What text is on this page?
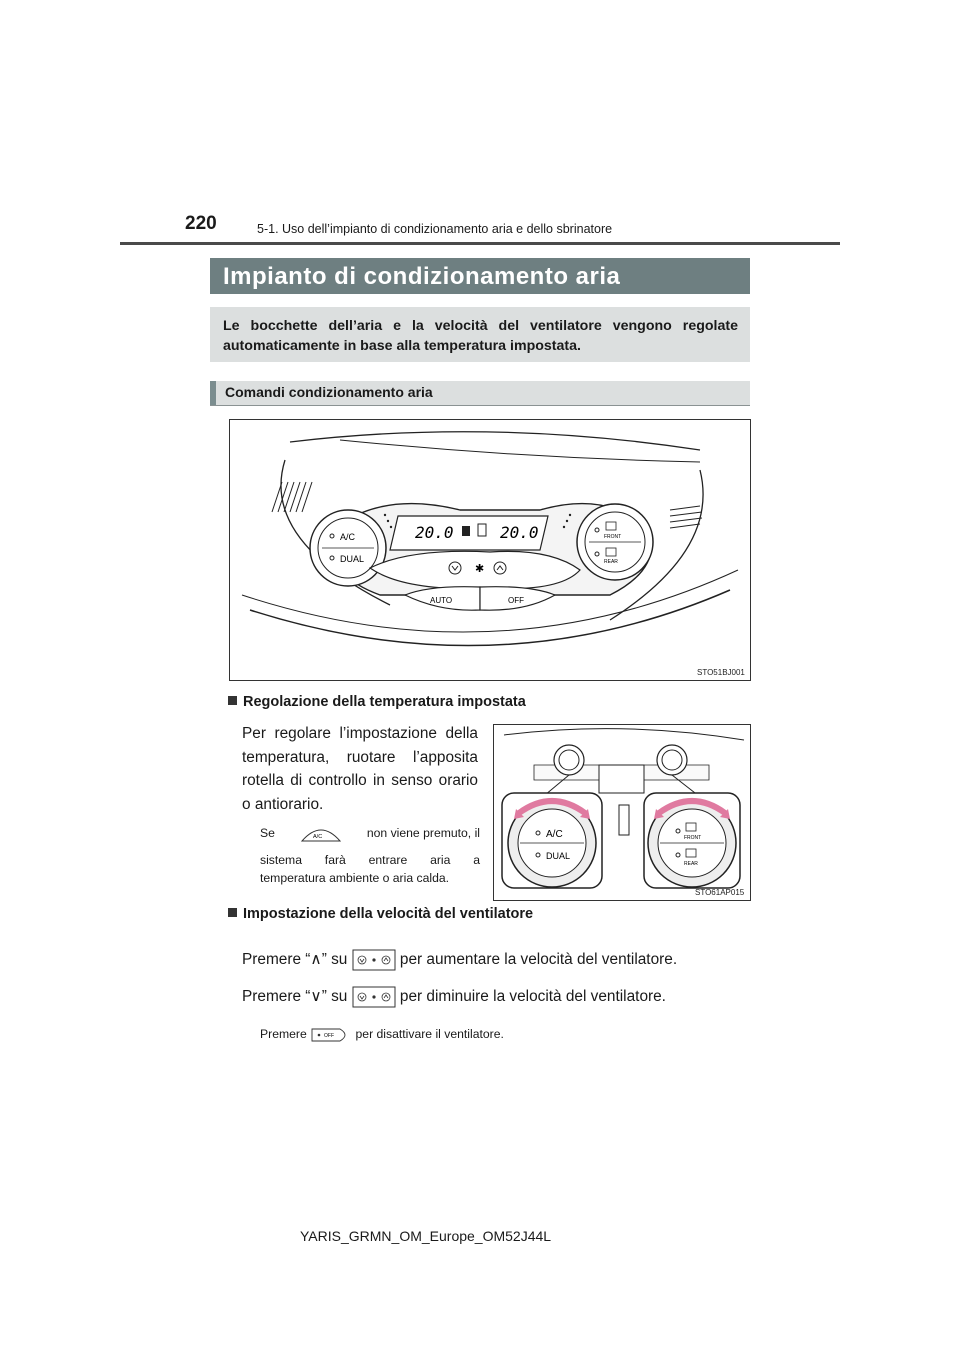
220	5-1. Uso dell’impianto di condizionamento aria e dello sbrinatore
Impianto di condizionamento aria
Le bocchette dell’aria e la velocità del ventilatore vengono regolate automaticamente in base alla temperatura impostata.
Comandi condizionamento aria
A/C
DUAL
FRONT
REAR
20.0	20.0
✱
AUTO	OFF
STO51BJ001
Regolazione della temperatura impostata
Per regolare l’impostazione della temperatura, ruotare l’apposita rotella di controllo in senso orario o antiorario.
Se	A/C	non viene premuto, il
sistema farà entrare aria a
temperatura ambiente o aria calda.
A/C
DUAL
FRONT
REAR
STO61AP015
Impostazione della velocità del ventilatore
Premere “∧” su	per aumentare la velocità del ventilatore.
Premere “∨” su	per diminuire la velocità del ventilatore.
Premere	OFF per disattivare il ventilatore.
YARIS_GRMN_OM_Europe_OM52J44L
